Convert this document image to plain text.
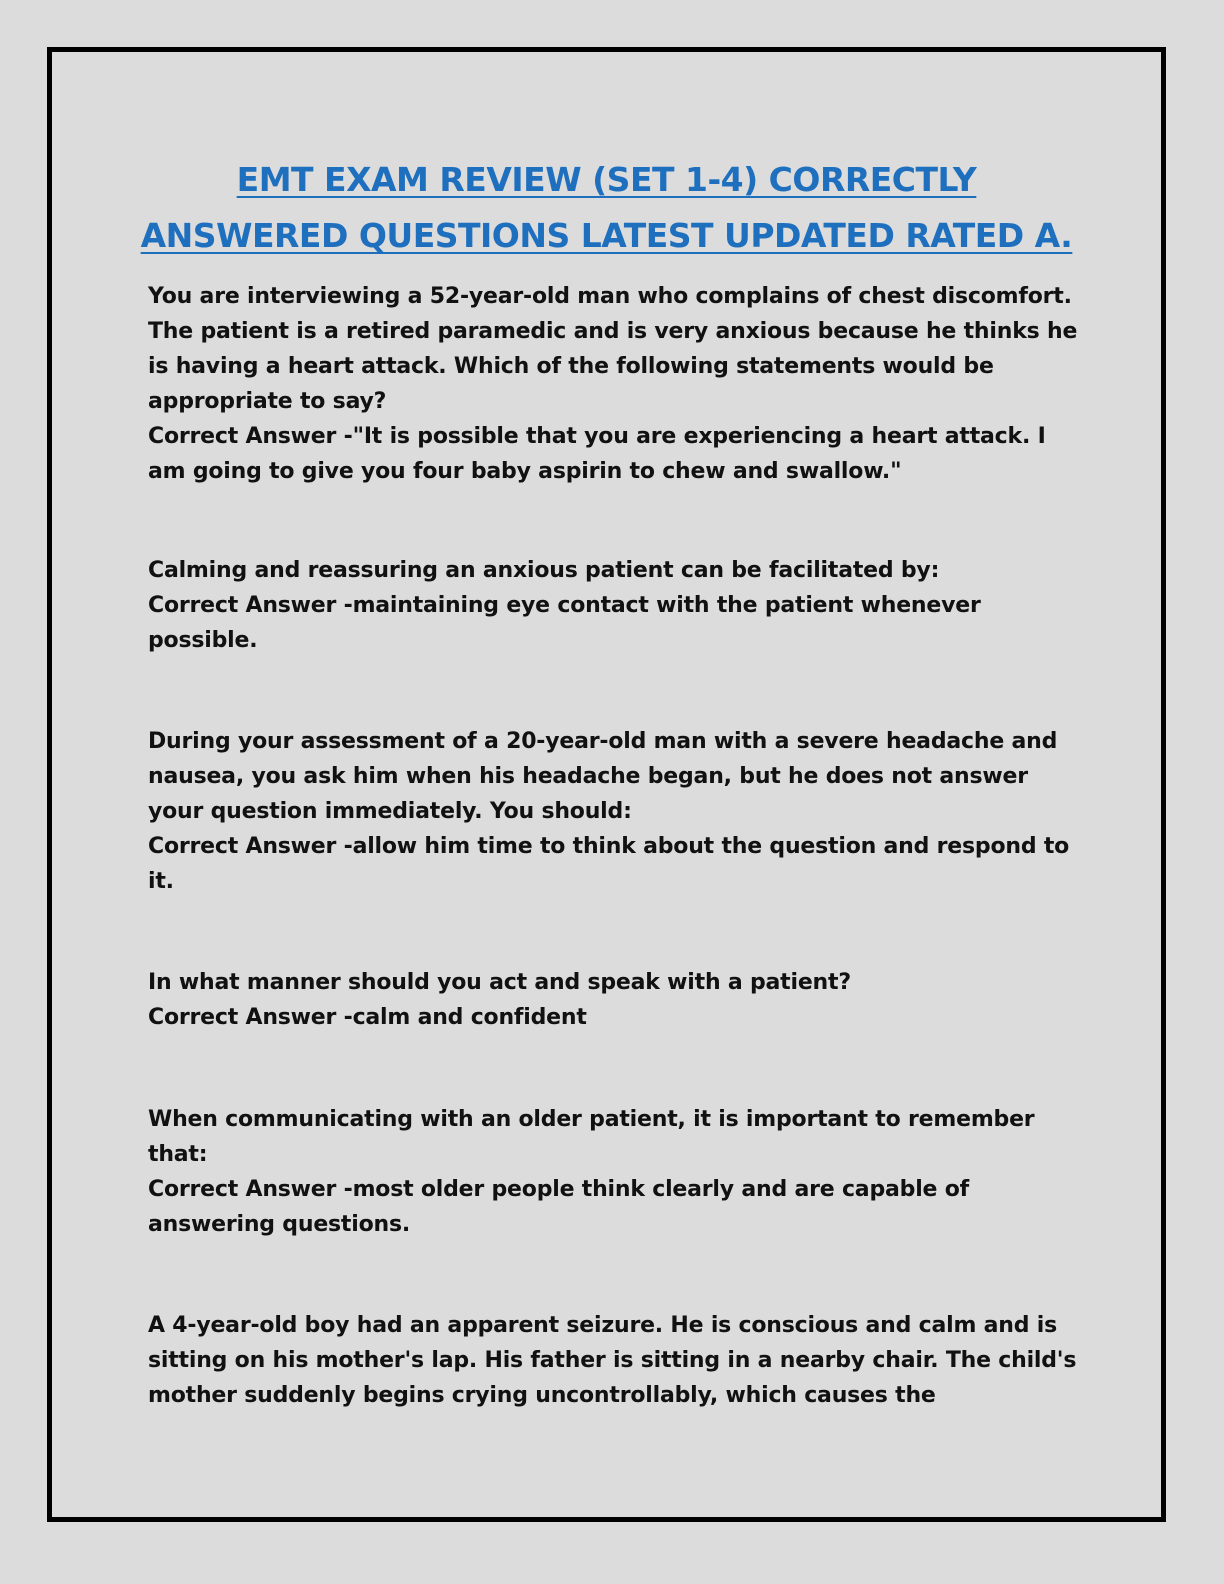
EMT EXAM REVIEW (SET 1-4) CORRECTLY
ANSWERED QUESTIONS LATEST UPDATED RATED A.

You are interviewing a 52-year-old man who complains of chest discomfort. The patient is a retired paramedic and is very anxious because he thinks he is having a heart attack. Which of the following statements would be appropriate to say?

Correct Answer -"It is possible that you are experiencing a heart attack. I am going to give you four baby aspirin to chew and swallow."

Calming and reassuring an anxious patient can be facilitated by:

Correct Answer -maintaining eye contact with the patient whenever possible.

During your assessment of a 20-year-old man with a severe headache and nausea, you ask him when his headache began, but he does not answer your question immediately. You should:

Correct Answer -allow him time to think about the question and respond to it.

In what manner should you act and speak with a patient?

Correct Answer -calm and confident

When communicating with an older patient, it is important to remember that:

Correct Answer -most older people think clearly and are capable of answering questions.

A 4-year-old boy had an apparent seizure. He is conscious and calm and is sitting on his mother's lap. His father is sitting in a nearby chair. The child's mother suddenly begins crying uncontrollably, which causes the
